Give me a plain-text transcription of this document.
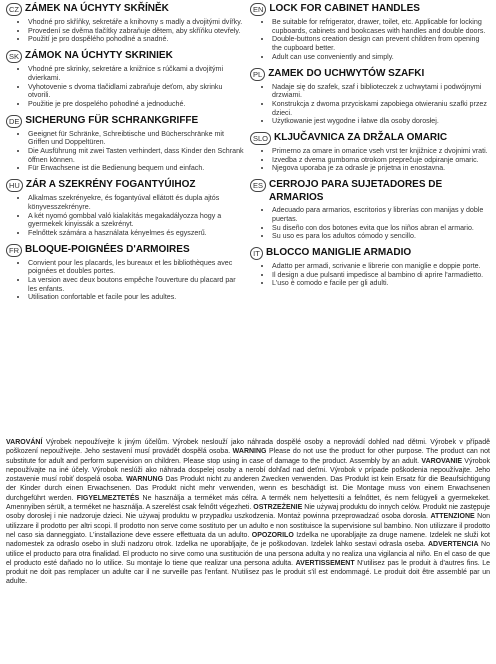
CZ ZÁMEK NA ÚCHYTY SKŘÍNĚK
• Vhodné pro skříňky, sekretáře a knihovny s madly a dvojitými dvířky.
• Provedení se dvěma tlačítky zabraňuje dětem, aby skříňku otevřely.
• Použití je pro dospělého pohodlné a snadné.
SK ZÁMOK NA ÚCHYTY SKRINIEK
• Vhodné pre skrinky, sekretáre a knižnice s rúčkami a dvojitými dvierkami.
• Vyhotovenie s dvoma tlačidlami zabraňuje deťom, aby skrinku otvorili.
• Použitie je pre dospelého pohodlné a jednoduché.
DE SICHERUNG FÜR SCHRANKGRIFFE
• Geeignet für Schränke, Schreibtische und Bücherschränke mit Griffen und Doppeltüren.
• Die Ausführung mit zwei Tasten verhindert, dass Kinder den Schrank öffnen können.
• Für Erwachsene ist die Bedienung bequem und einfach.
HU ZÁR A SZEKRÉNY FOGANTYÚIHOZ
• Alkalmas szekrényekre, és fogantyúval ellátott és dupla ajtós könyvesszekrényre.
• A két nyomó gombbal való kialakítás megakadályozza hogy a gyermekek kinyissák a szekrényt.
• Felnőttek számára a használata kényelmes és egyszerű.
FR BLOQUE-POIGNÉES D'ARMOIRES
• Convient pour les placards, les bureaux et les bibliothèques avec poignées et doubles portes.
• La version avec deux boutons empêche l'ouverture du placard par les enfants.
• Utilisation confortable et facile pour les adultes.
EN LOCK FOR CABINET HANDLES
• Be suitable for refrigerator, drawer, toilet, etc. Applicable for locking cupboards, cabinets and bookcases with handles and double doors.
• Double-buttons creation design can prevent children from opening the cupboard better.
• Adult can use conveniently and simply.
PL ZAMEK DO UCHWYTÓW SZAFKI
• Nadaje się do szafek, szaf i biblioteczek z uchwytami i podwójnymi drzwiami.
• Konstrukcja z dwoma przyciskami zapobiega otwieraniu szafki przez dzieci.
• Użytkowanie jest wygodne i łatwe dla osoby dorosłej.
SLO KLJUČAVNICA ZA DRŽALA OMARIC
• Primerno za omare in omarice vseh vrst ter knjižnice z dvojnimi vrati.
• Izvedba z dvema gumboma otrokom preprečuje odpiranje omaric.
• Njegova uporaba je za odrasle je prijetna in enostavna.
ES CERROJO PARA SUJETADORES DE ARMARIOS
• Adecuado para armarios, escritorios y librerías con manijas y doble puertas.
• Su diseño con dos botones evita que los niños abran el armario.
• Su uso es para los adultos cómodo y sencillo.
IT BLOCCO MANIGLIE ARMADIO
• Adatto per armadi, scrivanie e librerie con maniglie e doppie porte.
• Il design a due pulsanti impedisce al bambino di aprire l'armadietto.
• L'uso è comodo e facile per gli adulti.
VAROVÁNÍ Výrobek nepoužívejte k jiným účelům. Výrobek neslouží jako náhrada dospělé osoby a neprovádí dohled nad dětmi. Výrobek v případě poškození nepoužívejte. Jeho sestavení musí provádět dospělá osoba. WARNING Please do not use the product for other purpose. The product can not substitute for adult and perform supervision on children. Please stop using in case of damage to the product. Assembly by an adult. VAROVANIE Výrobok nepoužívajte na iné účely. Výrobok neslúži ako náhrada dospelej osoby a nerobí dohľad nad deťmi. Výrobok v prípade poškodenia nepoužívajte. Jeho zostavenie musí robiť dospelá osoba. WARNUNG Das Produkt nicht zu anderen Zwecken verwenden. Das Produkt ist kein Ersatz für die Beaufsichtigung der Kinder durch einen Erwachsenen. Das Produkt nicht mehr verwenden, wenn es beschädigt ist. Die Montage muss von einem Erwachsenen durchgeführt werden. FIGYELMEZTETÉS Ne használja a terméket más célra. A termék nem helyettesíti a felnőttet, és nem felügyeli a gyermekeket. Amennyiben sérült, a terméket ne használja. A szerelést csak felnőtt végezheti. OSTRZEŻENIE Nie używaj produktu do innych celów. Produkt nie zastępuje osoby dorosłej i nie nadzoruje dzieci. Nie używaj produktu w przypadku uszkodzenia. Montaż powinna przeprowadzać osoba dorosła. ATTENZIONE Non utilizzare il prodotto per altri scopi. Il prodotto non serve come sostituto per un adulto e non sostituisce la supervisione sul bambino. Non utilizzare il prodotto nel caso sia danneggiato. L'installazione deve essere effettuata da un adulto. OPOZORILO Izdelka ne uporabljajte za druge namene. Izdelek ne služi kot nadomestek za odraslo osebo in služi nadzoru otrok. Izdelka ne uporabljajte, če je poškodovan. Izdelek lahko sestavi odrasla oseba. ADVERTENCIA No utilice el producto para otra finalidad. El producto no sirve como una sustitución de una persona adulta y no realiza una vigilancia al niño. En el caso de que el producto esté dañado no lo utilice. Su montaje lo tiene que realizar una persona adulta. AVERTISSEMENT N'utilisez pas le produit à d'autres fins. Le produit ne doit pas remplacer un adulte car il ne surveille pas l'enfant. N'utilisez pas le produit s'il est endommagé. Le produit doit être assemblé par un adulte.
